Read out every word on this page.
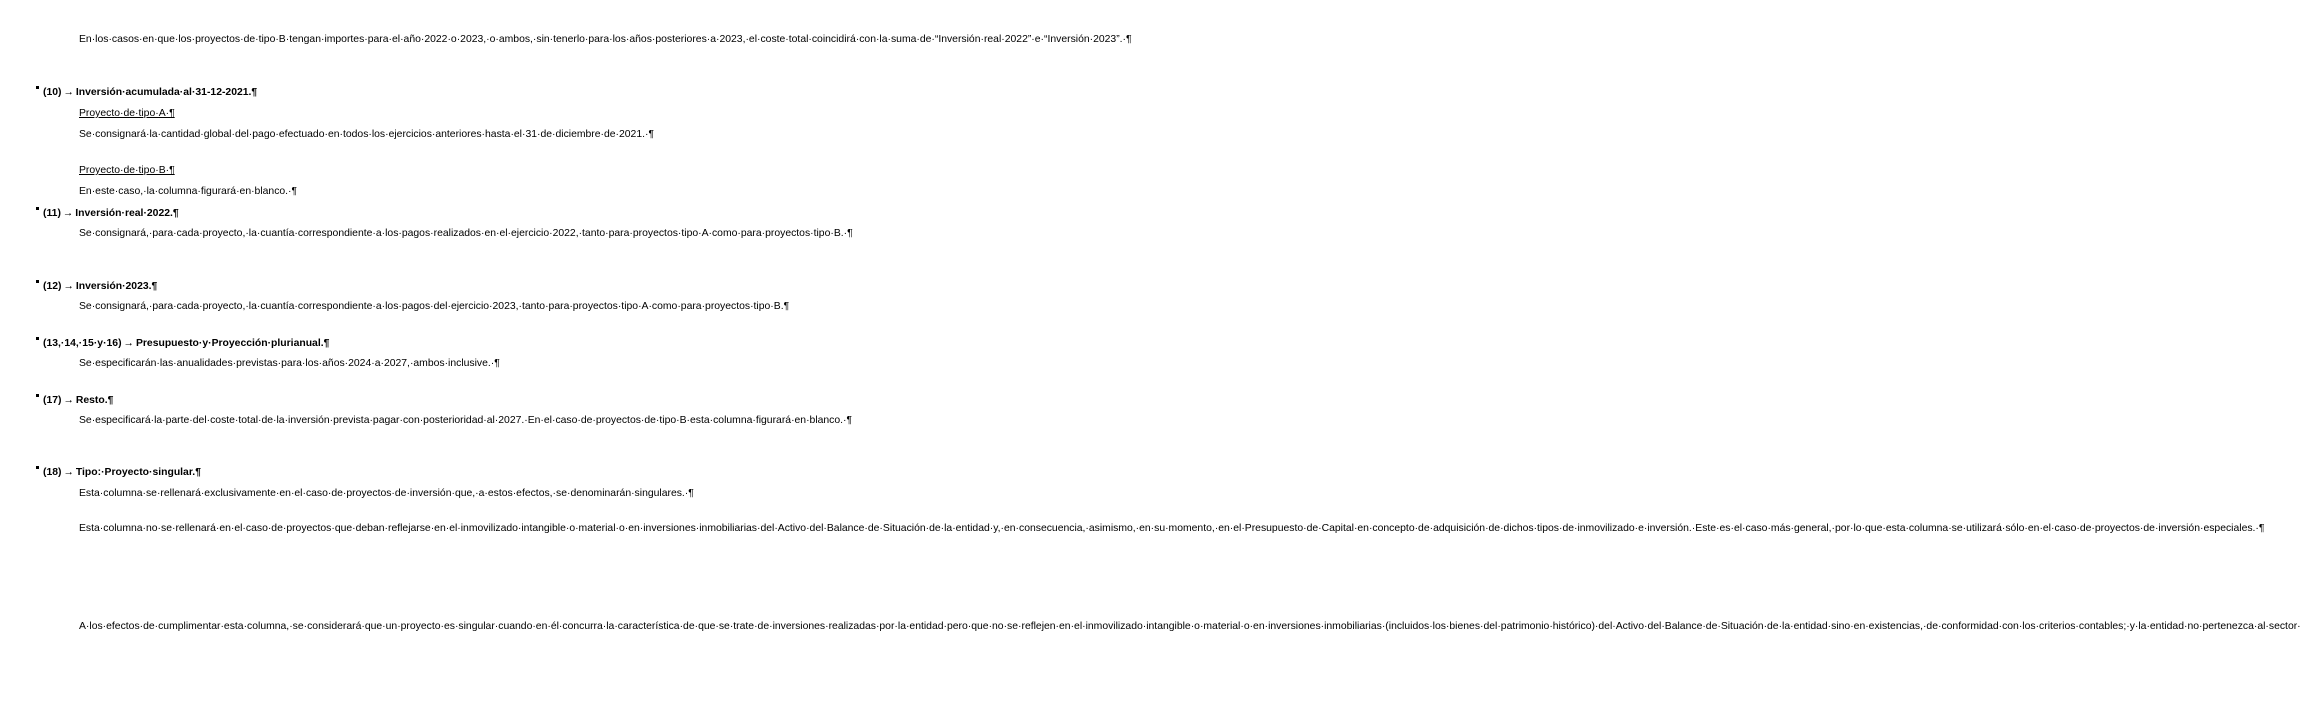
En·los·casos·en·que·los·proyectos·de·tipo·B·tengan·importes·para·el·año·2022·o·2023,·o·ambos,·sin·tenerlo·para·los·años·posteriores·a·2023,·el·coste·total·coincidirá·con·la·suma·de·“Inversión·real·2022”·e·“Inversión·2023”.·¶

(10) → Inversión·acumulada·al·31-12-2021.¶

Proyecto·de·tipo·A·¶

Se·consignará·la·cantidad·global·del·pago·efectuado·en·todos·los·ejercicios·anteriores·hasta·el·31·de·diciembre·de·2021.·¶

Proyecto·de·tipo·B·¶

En·este·caso,·la·columna·figurará·en·blanco.·¶

(11) → Inversión·real·2022.¶

Se·consignará,·para·cada·proyecto,·la·cuantía·correspondiente·a·los·pagos·realizados·en·el·ejercicio·2022,·tanto·para·proyectos·tipo·A·como·para·proyectos·tipo·B.·¶

(12) → Inversión·2023.¶

Se·consignará,·para·cada·proyecto,·la·cuantía·correspondiente·a·los·pagos·del·ejercicio·2023,·tanto·para·proyectos·tipo·A·como·para·proyectos·tipo·B.¶

(13,·14,·15·y·16) → Presupuesto·y·Proyección·plurianual.¶

Se·especificarán·las·anualidades·previstas·para·los·años·2024·a·2027,·ambos·inclusive.·¶

(17) → Resto.¶

Se·especificará·la·parte·del·coste·total·de·la·inversión·prevista·pagar·con·posterioridad·al·2027.·En·el·caso·de·proyectos·de·tipo·B·esta·columna·figurará·en·blanco.·¶

(18) → Tipo:·Proyecto·singular.¶

Esta·columna·se·rellenará·exclusivamente·en·el·caso·de·proyectos·de·inversión·que,·a·estos·efectos,·se·denominarán·singulares.·¶

Esta·columna·no·se·rellenará·en·el·caso·de·proyectos·que·deban·reflejarse·en·el·inmovilizado·intangible·o·material·o·en·inversiones·inmobiliarias·del·Activo·del·Balance·de·Situación·de·la·entidad·y,·en·consecuencia,·asimismo,·en·su·momento,·en·el·Presupuesto·de·Capital·en·concepto·de·adquisición·de·dichos·tipos·de·inmovilizado·e·inversión.·Este·es·el·caso·más·general,·por·lo·que·esta·columna·se·utilizará·sólo·en·el·caso·de·proyectos·de·inversión·especiales.·¶

A·los·efectos·de·cumplimentar·esta·columna,·se·considerará·que·un·proyecto·es·singular·cuando·en·él·concurra·la·característica·de·que·se·trate·de·inversiones·realizadas·por·la·entidad·pero·que·no·se·reflejen·en·el·inmovilizado·intangible·o·material·o·en·inversiones·inmobiliarias·(incluidos·los·bienes·del·patrimonio·histórico)·del·Activo·del·Balance·de·Situación·de·la·entidad·sino·en·existencias,·de·conformidad·con·los·criterios·contables;·y·la·entidad·no·pertenezca·al·sector·
